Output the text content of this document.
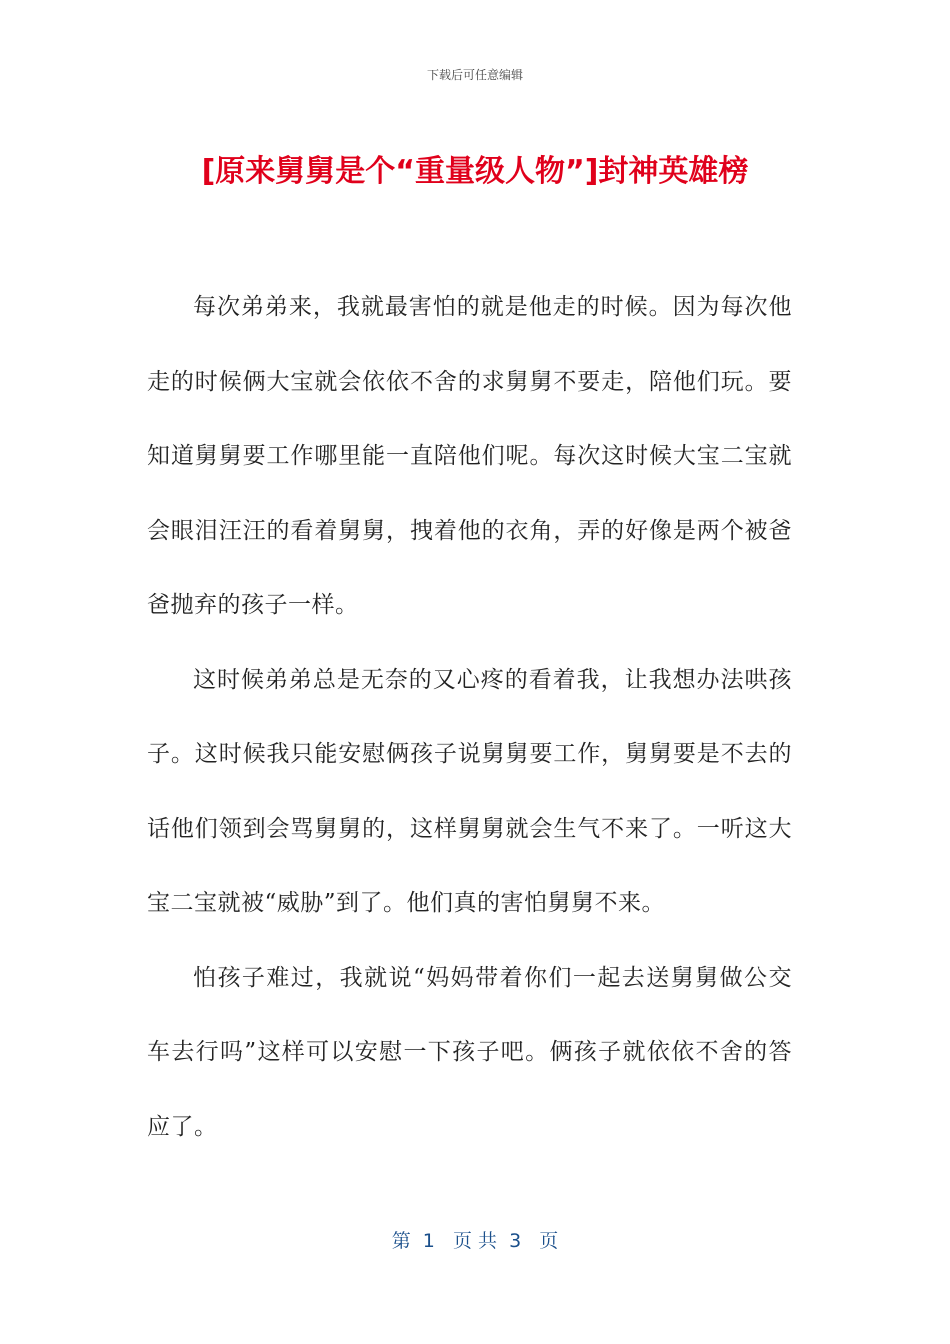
下载后可任意编辑
[原来舅舅是个“重量级人物”]封神英雄榜

每次弟弟来，我就最害怕的就是他走的时候。因为每次他走的时候俩大宝就会依依不舍的求舅舅不要走，陪他们玩。要知道舅舅要工作哪里能一直陪他们呢。每次这时候大宝二宝就会眼泪汪汪的看着舅舅，拽着他的衣角，弄的好像是两个被爸爸抛弃的孩子一样。

这时候弟弟总是无奈的又心疼的看着我，让我想办法哄孩子。这时候我只能安慰俩孩子说舅舅要工作，舅舅要是不去的话他们领到会骂舅舅的，这样舅舅就会生气不来了。一听这大宝二宝就被“威胁”到了。他们真的害怕舅舅不来。

怕孩子难过，我就说“妈妈带着你们一起去送舅舅做公交车去行吗”这样可以安慰一下孩子吧。俩孩子就依依不舍的答应了。

第  1   页 共  3   页
